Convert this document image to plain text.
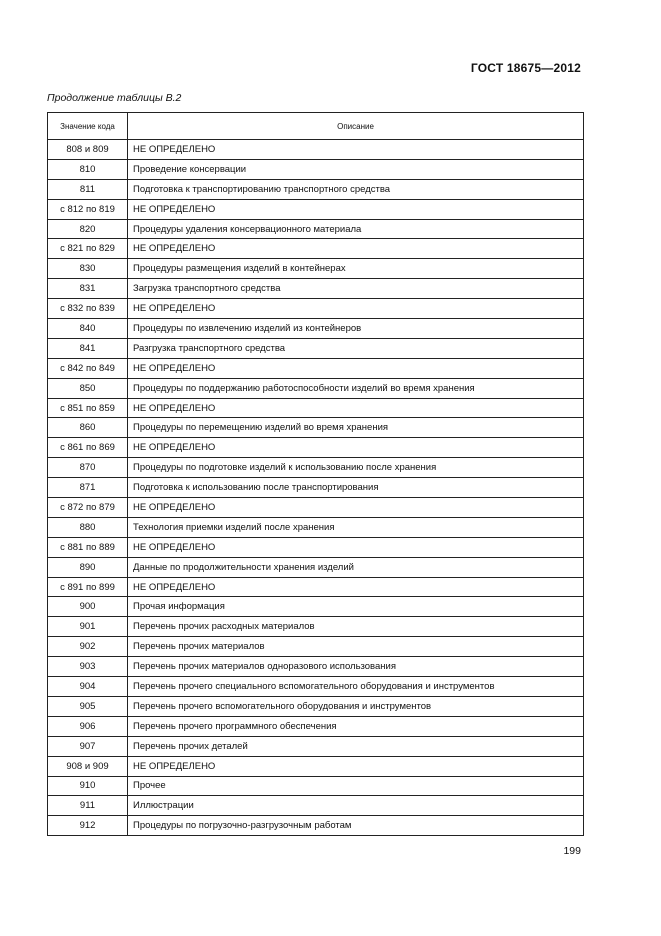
ГОСТ 18675—2012
Продолжение таблицы В.2
Значение кода	Описание
808 и 809	НЕ ОПРЕДЕЛЕНО
810	Проведение консервации
811	Подготовка к транспортированию транспортного средства
с 812 по 819	НЕ ОПРЕДЕЛЕНО
820	Процедуры удаления консервационного материала
с 821 по 829	НЕ ОПРЕДЕЛЕНО
830	Процедуры размещения изделий в контейнерах
831	Загрузка транспортного средства
с 832 по 839	НЕ ОПРЕДЕЛЕНО
840	Процедуры по извлечению изделий из контейнеров
841	Разгрузка транспортного средства
с 842 по 849	НЕ ОПРЕДЕЛЕНО
850	Процедуры по поддержанию работоспособности изделий во время хранения
с 851 по 859	НЕ ОПРЕДЕЛЕНО
860	Процедуры по перемещению изделий во время хранения
с 861 по 869	НЕ ОПРЕДЕЛЕНО
870	Процедуры по подготовке изделий к использованию после хранения
871	Подготовка к использованию после транспортирования
с 872 по 879	НЕ ОПРЕДЕЛЕНО
880	Технология приемки изделий после хранения
с 881 по 889	НЕ ОПРЕДЕЛЕНО
890	Данные по продолжительности хранения изделий
с 891 по 899	НЕ ОПРЕДЕЛЕНО
900	Прочая информация
901	Перечень прочих расходных материалов
902	Перечень прочих материалов
903	Перечень прочих материалов одноразового использования
904	Перечень прочего специального вспомогательного оборудования и инструментов
905	Перечень прочего вспомогательного оборудования и инструментов
906	Перечень прочего программного обеспечения
907	Перечень прочих деталей
908 и 909	НЕ ОПРЕДЕЛЕНО
910	Прочее
911	Иллюстрации
912	Процедуры по погрузочно-разгрузочным работам
199
